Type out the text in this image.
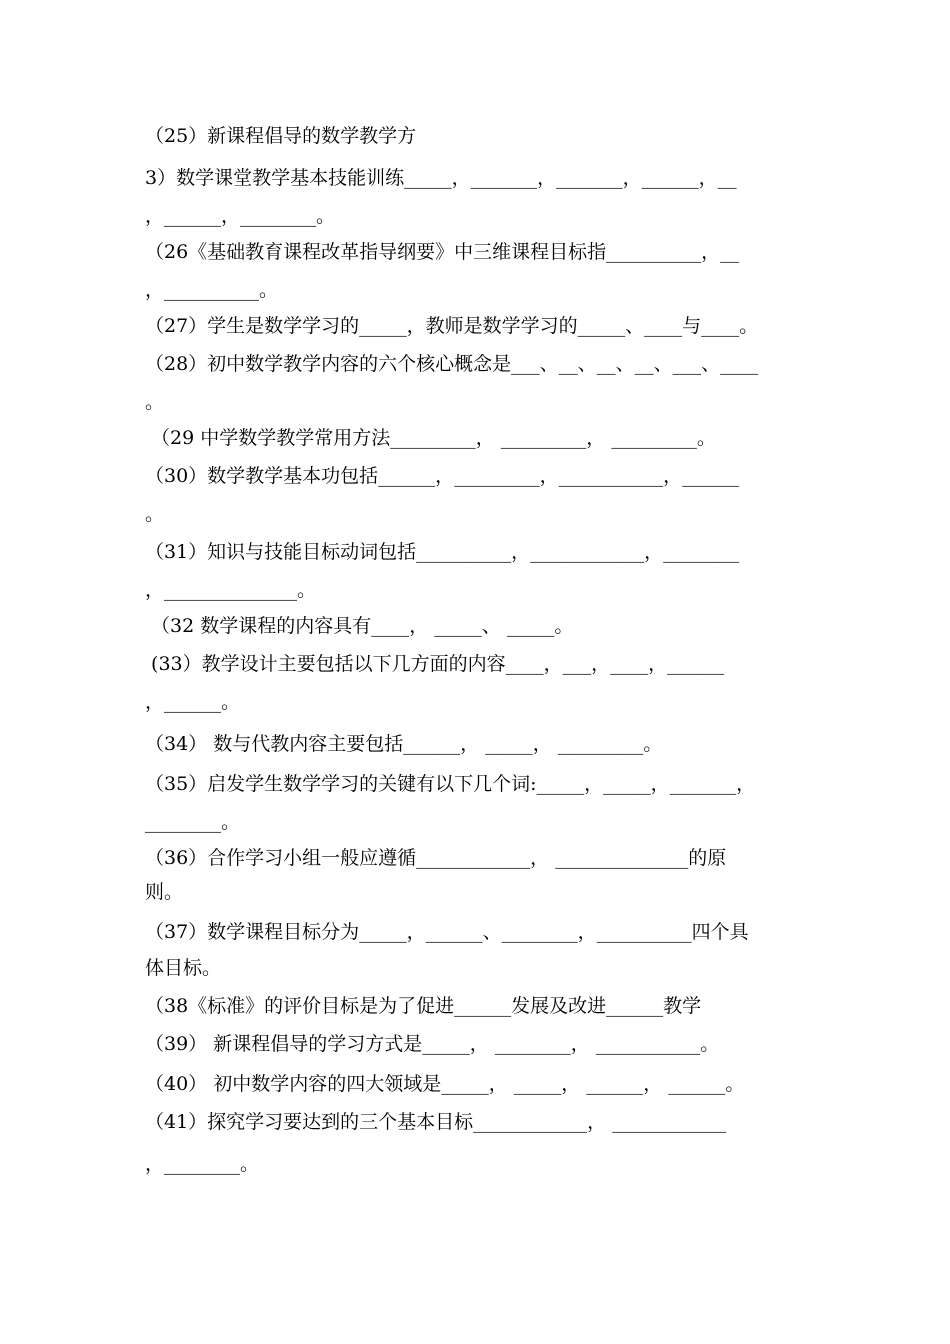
（25）新课程倡导的数学教学方
3）数学课堂教学基本技能训练_____，_______，_______，______，__
，______，________。
（26《基础教育课程改革指导纲要》中三维课程目标指__________，__
，__________。
（27）学生是数学学习的_____，教师是数学学习的_____、____与____。
（28）初中数学教学内容的六个核心概念是___、__、__、__、___、____
。
（29 中学数学教学常用方法_________， _________， _________。
（30）数学教学基本功包括______，_________，___________，______
。
（31）知识与技能目标动词包括__________，____________，________
，______________。
（32 数学课程的内容具有____， _____、 _____。
(33）教学设计主要包括以下几方面的内容____，___，____，______
，______。
（34） 数与代教内容主要包括______， _____， _________。
（35）启发学生数学学习的关键有以下几个词:_____，_____，_______，
________。
（36）合作学习小组一般应遵循____________， ______________的原
则。
（37）数学课程目标分为_____，______、________，__________四个具
体目标。
（38《标准》的评价目标是为了促进______发展及改进______教学
（39） 新课程倡导的学习方式是_____， ________， ___________。
（40） 初中数学内容的四大领域是_____， _____， ______， ______。
（41）探究学习要达到的三个基本目标____________， ____________
，________。
